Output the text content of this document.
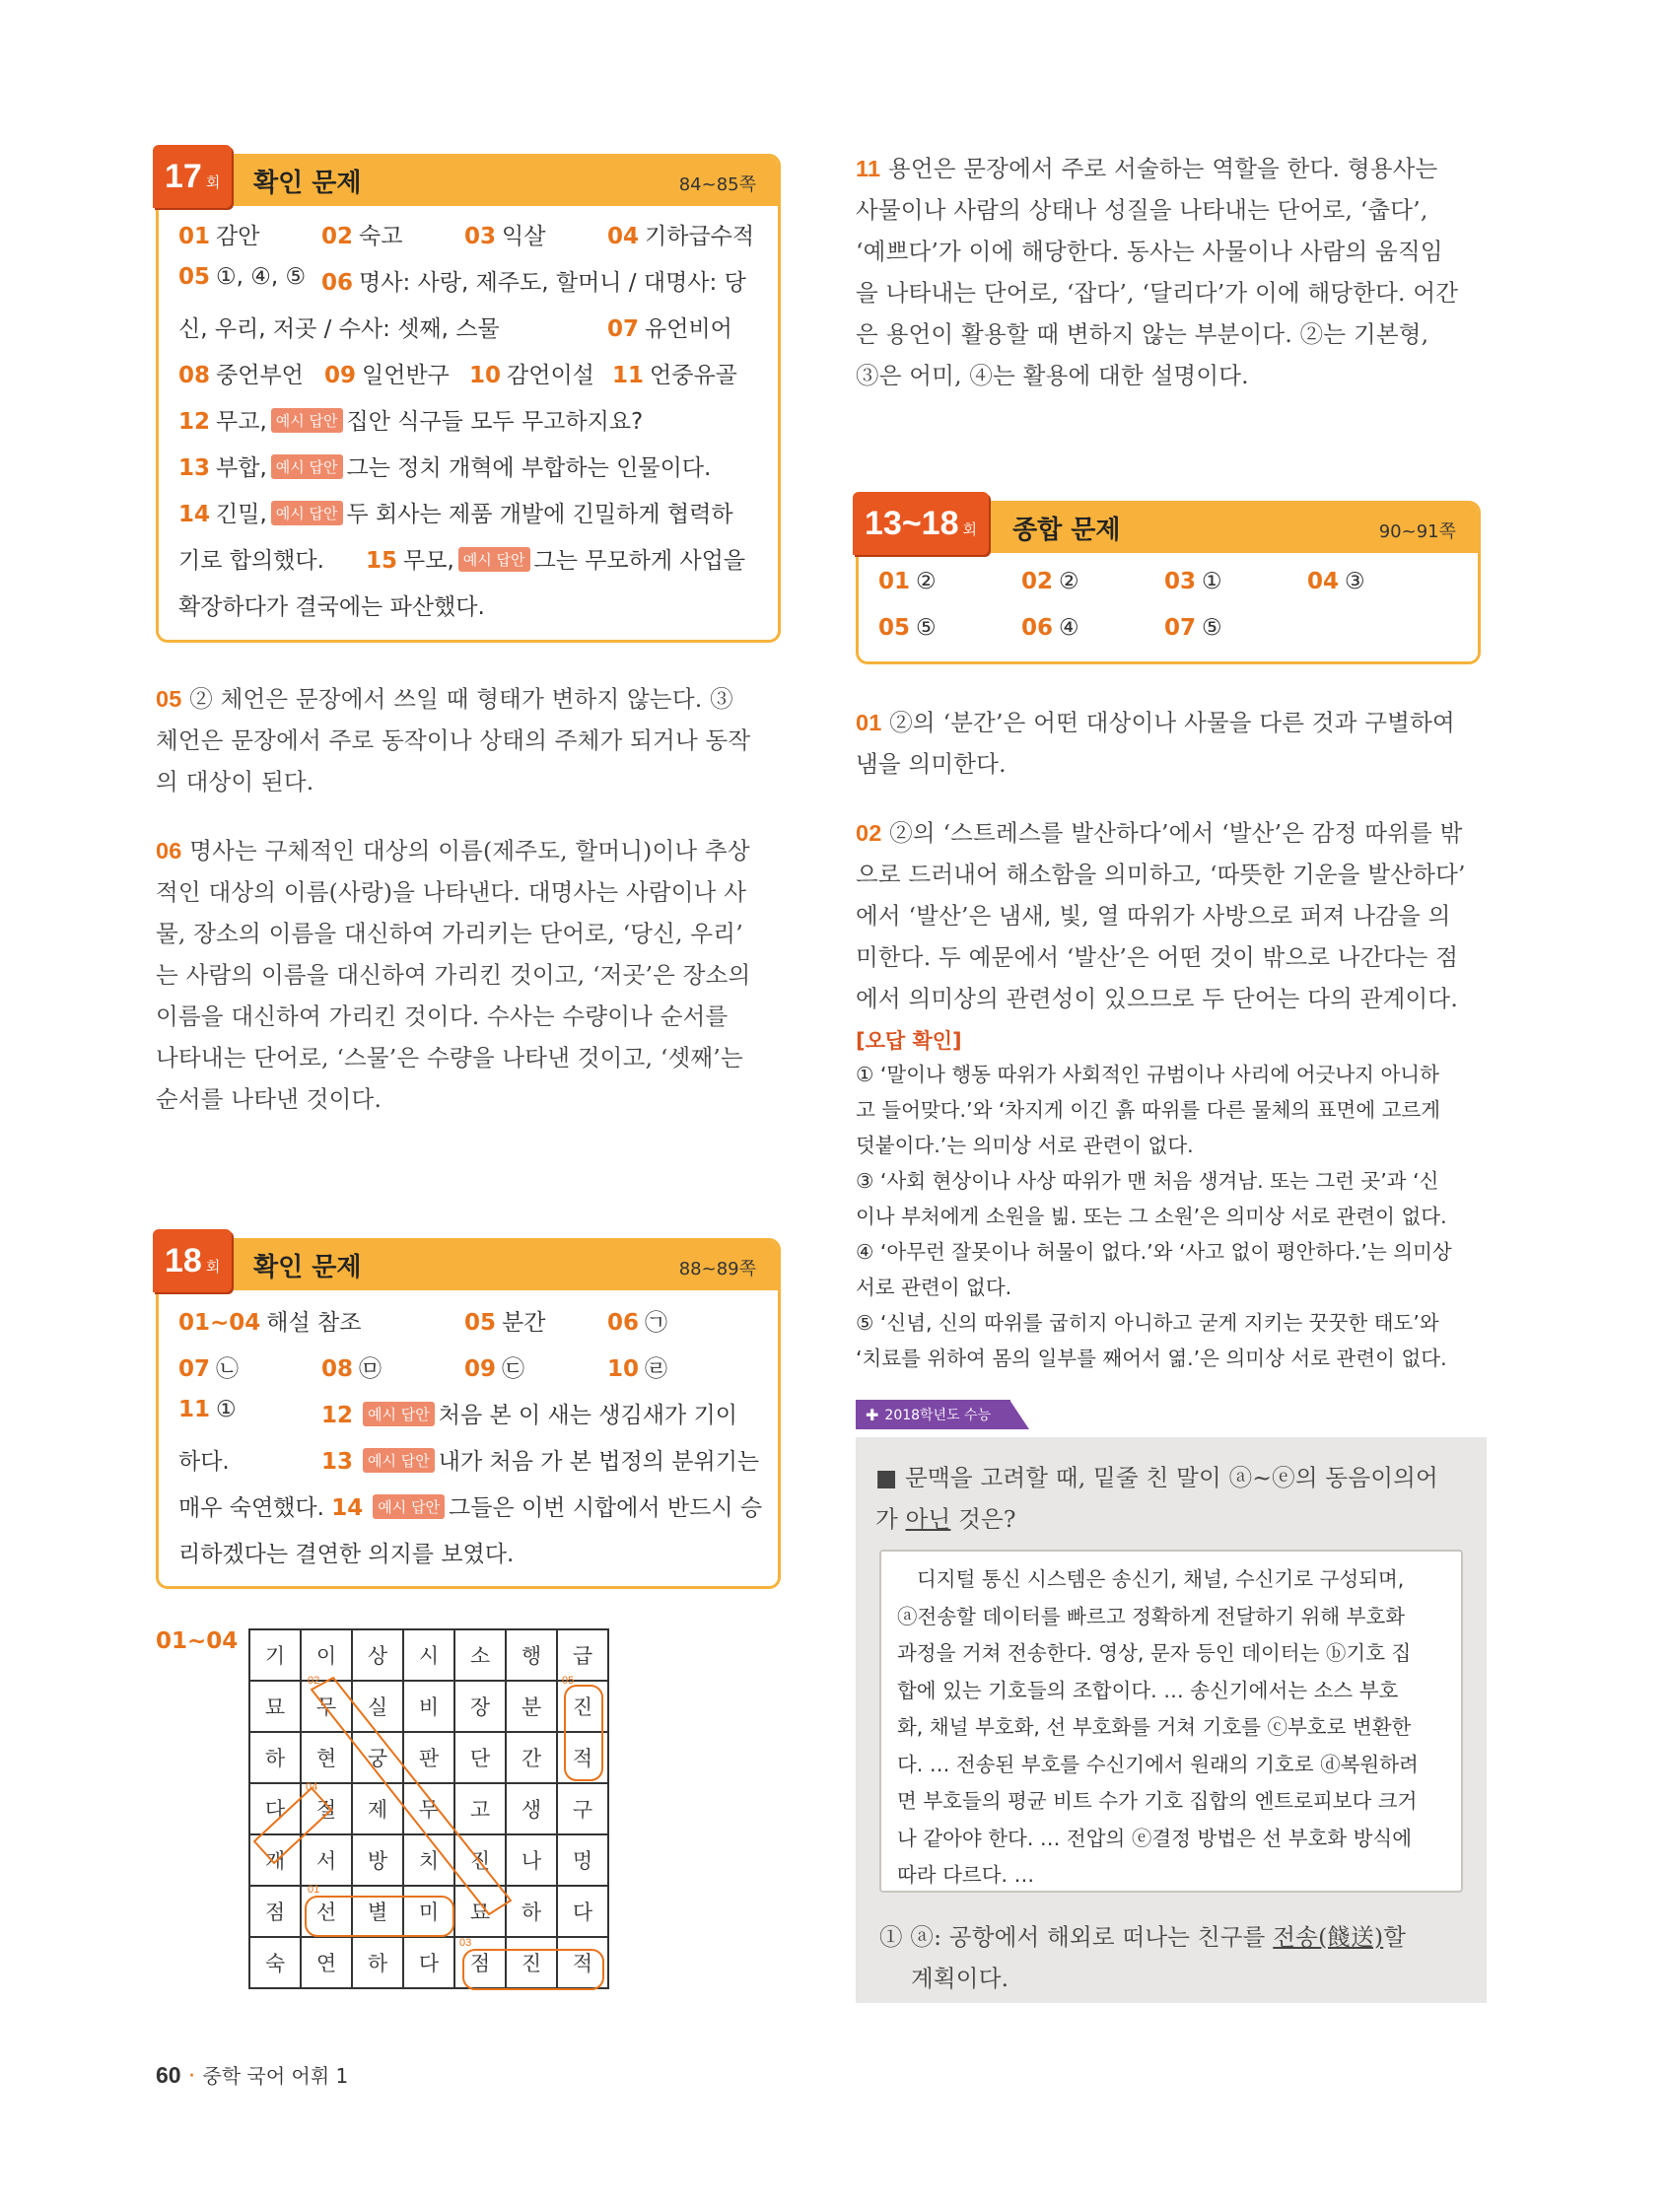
17 회 확인 문제	84~85쪽
01 감안	02 숙고	03 익살	04 기하급수적
05 ①, ④, ⑤ 06 명사: 사랑, 제주도, 할머니 / 대명사: 당
신, 우리, 저곳 / 수사: 셋째, 스물	07 유언비어
08 중언부언 09 일언반구 10 감언이설 11 언중유골
12 무고, 예시 답안 집안 식구들 모두 무고하지요?
13 부합, 예시 답안 그는 정치 개혁에 부합하는 인물이다.
14 긴밀, 예시 답안 두 회사는 제품 개발에 긴밀하게 협력하
기로 합의했다. 15 무모, 예시 답안 그는 무모하게 사업을
확장하다가 결국에는 파산했다.
05 ② 체언은 문장에서 쓰일 때 형태가 변하지 않는다. ③
체언은 문장에서 주로 동작이나 상태의 주체가 되거나 동작
의 대상이 된다.
06 명사는 구체적인 대상의 이름(제주도, 할머니)이나 추상
적인 대상의 이름(사랑)을 나타낸다. 대명사는 사람이나 사
물, 장소의 이름을 대신하여 가리키는 단어로, ‘당신, 우리’
는 사람의 이름을 대신하여 가리킨 것이고, ‘저곳’은 장소의
이름을 대신하여 가리킨 것이다. 수사는 수량이나 순서를
나타내는 단어로, ‘스물’은 수량을 나타낸 것이고, ‘셋째’는
순서를 나타낸 것이다.
18 회 확인 문제	88~89쪽
01~04 해설 참조	05 분간	06 ㉠
07 ㉡	08 ㉤	09 ㉢	10 ㉣
11 ①	12 예시 답안 처음 본 이 새는 생김새가 기이
하다.	13 예시 답안 내가 처음 가 본 법정의 분위기는
매우 숙연했다. 14 예시 답안 그들은 이번 시합에서 반드시 승
리하겠다는 결연한 의지를 보였다.
01~04
기	이	상	시	소	행	급
묘	무	실	비	장	분	진
하	현	궁	판	단	간	적
다	절	제	무	고	생	구
개	서	방	치	진	나	멍
점	선	별	미	묘	하	다
숙	연	하	다	점	진	적
01
02
03
04
05
60 · 중학 국어 어휘 1
11 용언은 문장에서 주로 서술하는 역할을 한다. 형용사는
사물이나 사람의 상태나 성질을 나타내는 단어로, ‘춥다’,
‘예쁘다’가 이에 해당한다. 동사는 사물이나 사람의 움직임
을 나타내는 단어로, ‘잡다’, ‘달리다’가 이에 해당한다. 어간
은 용언이 활용할 때 변하지 않는 부분이다. ②는 기본형,
③은 어미, ④는 활용에 대한 설명이다.
13~18 회 종합 문제	90~91쪽
01 ②	02 ②	03 ①	04 ③
05 ⑤	06 ④	07 ⑤
01 ②의 ‘분간’은 어떤 대상이나 사물을 다른 것과 구별하여
냄을 의미한다.
02 ②의 ‘스트레스를 발산하다’에서 ‘발산’은 감정 따위를 밖
으로 드러내어 해소함을 의미하고, ‘따뜻한 기운을 발산하다’
에서 ‘발산’은 냄새, 빛, 열 따위가 사방으로 퍼져 나감을 의
미한다. 두 예문에서 ‘발산’은 어떤 것이 밖으로 나간다는 점
에서 의미상의 관련성이 있으므로 두 단어는 다의 관계이다.
[오답 확인]
① ‘말이나 행동 따위가 사회적인 규범이나 사리에 어긋나지 아니하
고 들어맞다.’와 ‘차지게 이긴 흙 따위를 다른 물체의 표면에 고르게
덧붙이다.’는 의미상 서로 관련이 없다.
③ ‘사회 현상이나 사상 따위가 맨 처음 생겨남. 또는 그런 곳’과 ‘신
이나 부처에게 소원을 빎. 또는 그 소원’은 의미상 서로 관련이 없다.
④ ‘아무런 잘못이나 허물이 없다.’와 ‘사고 없이 평안하다.’는 의미상
서로 관련이 없다.
⑤ ‘신념, 신의 따위를 굽히지 아니하고 굳게 지키는 꿋꿋한 태도’와
‘치료를 위하여 몸의 일부를 째어서 엶.’은 의미상 서로 관련이 없다.
✚ 2018학년도 수능
■ 문맥을 고려할 때, 밑줄 친 말이 ⓐ~ⓔ의 동음이의어
가 아닌 것은?
디지털 통신 시스템은 송신기, 채널, 수신기로 구성되며,
ⓐ전송할 데이터를 빠르고 정확하게 전달하기 위해 부호화
과정을 거쳐 전송한다. 영상, 문자 등인 데이터는 ⓑ기호 집
합에 있는 기호들의 조합이다. … 송신기에서는 소스 부호
화, 채널 부호화, 선 부호화를 거쳐 기호를 ⓒ부호로 변환한
다. … 전송된 부호를 수신기에서 원래의 기호로 ⓓ복원하려
면 부호들의 평균 비트 수가 기호 집합의 엔트로피보다 크거
나 같아야 한다. … 전압의 ⓔ결정 방법은 선 부호화 방식에
따라 다르다. …
① ⓐ: 공항에서 해외로 떠나는 친구를 전송(餞送)할
계획이다.
